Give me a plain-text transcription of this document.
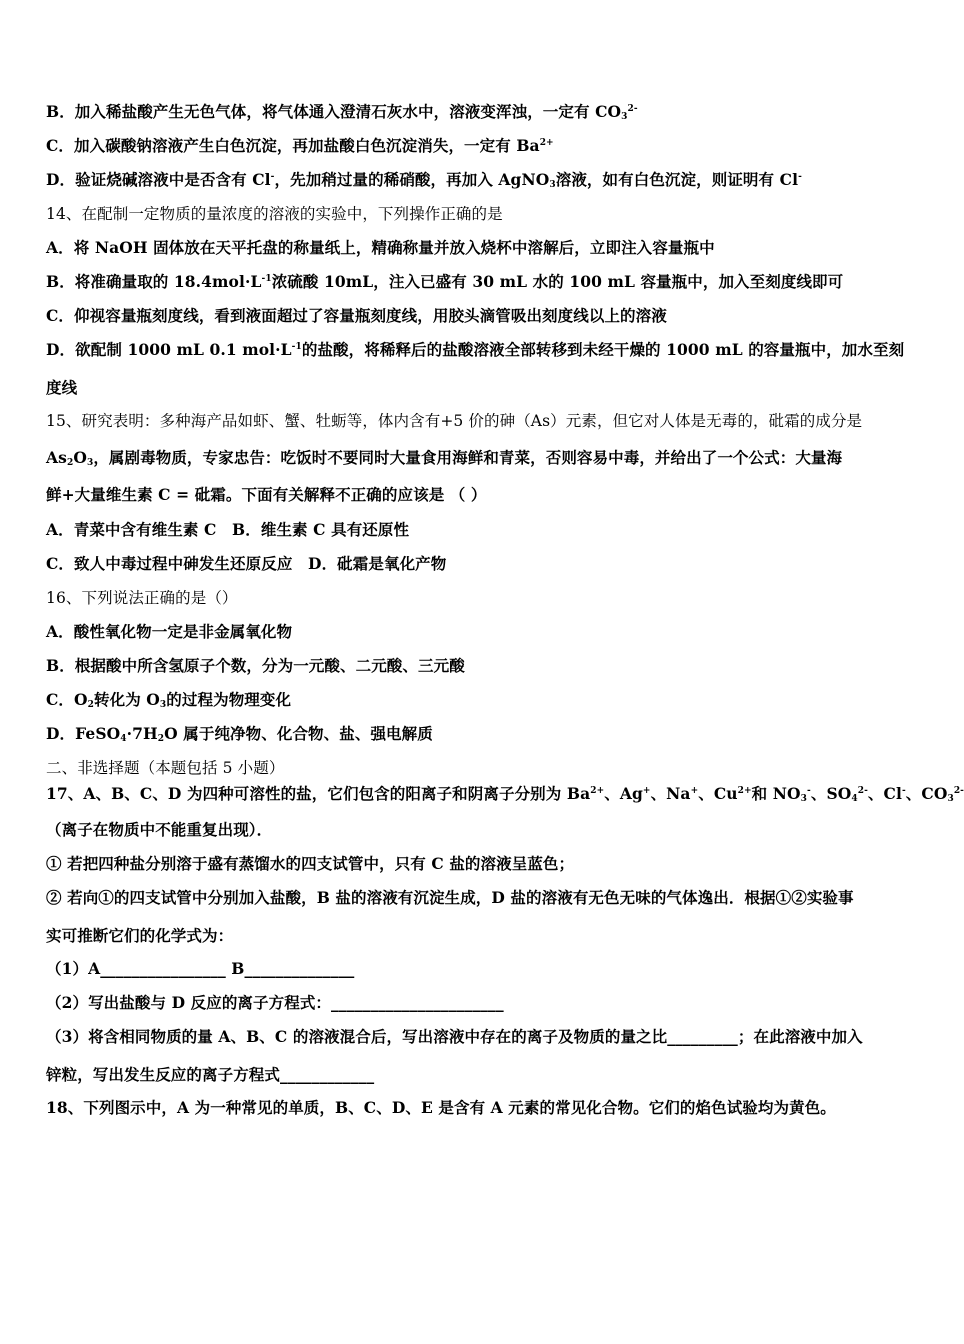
B．加入稀盐酸产生无色气体，将气体通入澄清石灰水中，溶液变浑浊，一定有 $CO_3^{2-}$
C．加入碳酸钠溶液产生白色沉淀，再加盐酸白色沉淀消失，一定有 $Ba^{2+}$
D．验证烧碱溶液中是否含有 Cl-，先加稍过量的稀硝酸，再加入 AgNO$_3$溶液，如有白色沉淀，则证明有 Cl-
14、在配制一定物质的量浓度的溶液的实验中，下列操作正确的是
A．将 NaOH 固体放在天平托盘的称量纸上，精确称量并放入烧杯中溶解后，立即注入容量瓶中
B．将准确量取的 $18.4mol\cdot L^{-1}$浓硫酸 10mL，注入已盛有 30 mL 水的 100 mL 容量瓶中，加入至刻度线即可
C．仰视容量瓶刻度线，看到液面超过了容量瓶刻度线，用胶头滴管吸出刻度线以上的溶液
D．欲配制 1000 mL 0.1 $mol\cdot L^{-1}$的盐酸，将稀释后的盐酸溶液全部转移到未经干燥的 1000 mL 的容量瓶中，加水至刻
度线
15、研究表明：多种海产品如虾、蟹、牡蛎等，体内含有+5 价的砷（As）元素，但它对人体是无毒的，砒霜的成分是
$As_2O_3$，属剧毒物质，专家忠告：吃饭时不要同时大量食用海鲜和青菜，否则容易中毒，并给出了一个公式：大量海
鲜+大量维生素 C = 砒霜。下面有关解释不正确的应该是 （ ）
A．青菜中含有维生素 C　B．维生素 C 具有还原性
C．致人中毒过程中砷发生还原反应　D．砒霜是氧化产物
16、下列说法正确的是（）
A．酸性氧化物一定是非金属氧化物
B．根据酸中所含氢原子个数，分为一元酸、二元酸、三元酸
C．$O_2$转化为 $O_3$的过程为物理变化
D．$FeSO_4\cdot 7H_2O$ 属于纯净物、化合物、盐、强电解质
二、非选择题（本题包括 5 小题）
17、A、B、C、D 为四种可溶性的盐，它们包含的阳离子和阴离子分别为 $Ba^{2+}$、Ag+、Na+、$Cu^{2+}$和 $NO_3^-$、$SO_4^{2-}$、Cl-、$CO_3^{2-}$
（离子在物质中不能重复出现）．
① 若把四种盐分别溶于盛有蒸馏水的四支试管中，只有 C 盐的溶液呈蓝色；
② 若向①的四支试管中分别加入盐酸，B 盐的溶液有沉淀生成，D 盐的溶液有无色无味的气体逸出．根据①②实验事
实可推断它们的化学式为：
（1）A________________ B______________
（2）写出盐酸与 D 反应的离子方程式：______________________
（3）将含相同物质的量 A、B、C 的溶液混合后，写出溶液中存在的离子及物质的量之比_________；在此溶液中加入
锌粒，写出发生反应的离子方程式____________
18、下列图示中，A 为一种常见的单质，B、C、D、E 是含有 A 元素的常见化合物。它们的焰色试验均为黄色。
